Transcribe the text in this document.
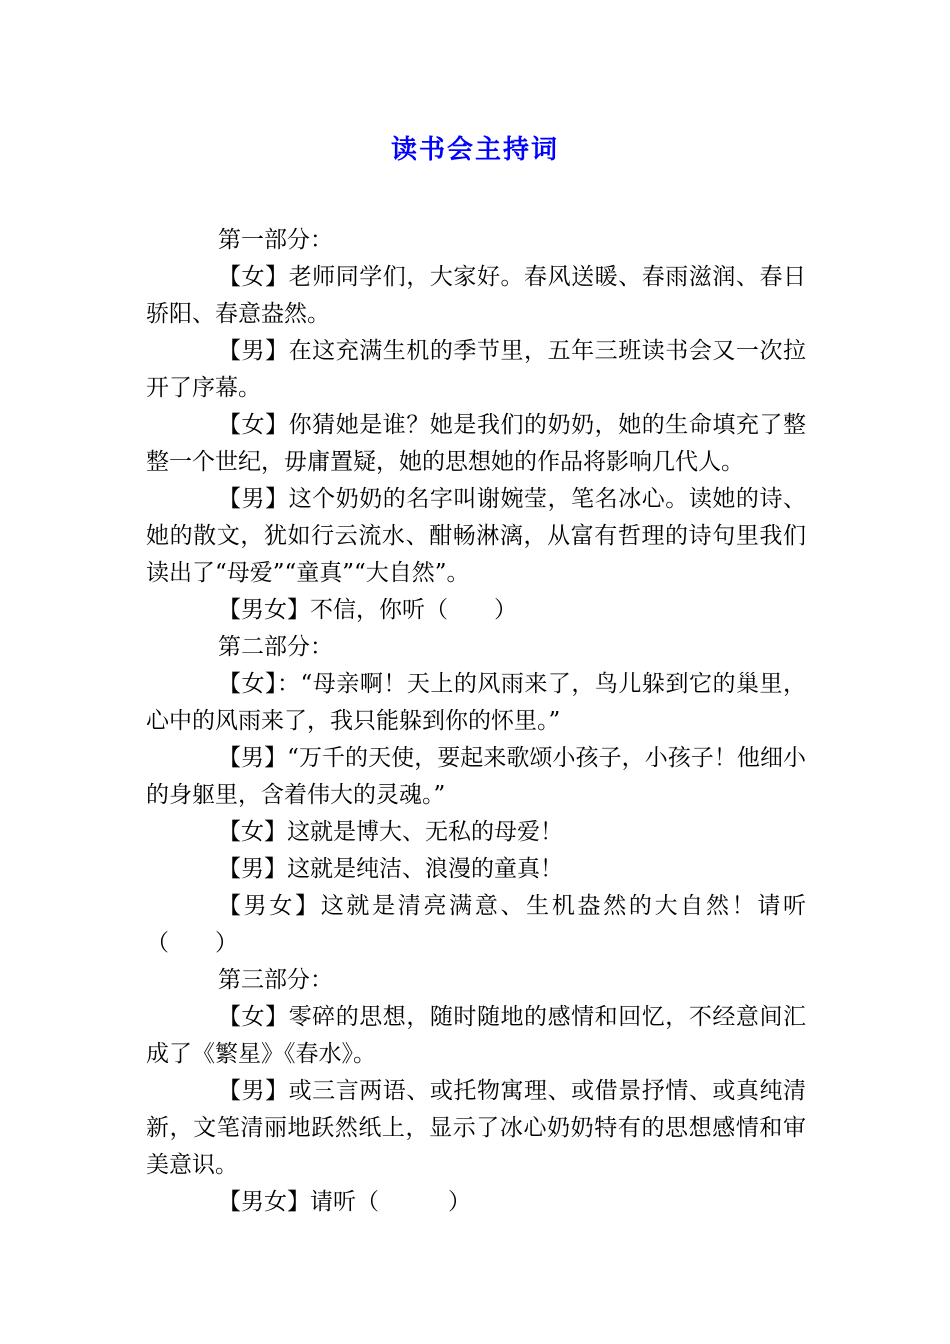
读书会主持词

第一部分：

【女】老师同学们，大家好。春风送暖、春雨滋润、春日骄阳、春意盎然。

【男】在这充满生机的季节里，五年三班读书会又一次拉开了序幕。

【女】你猜她是谁？她是我们的奶奶，她的生命填充了整整一个世纪，毋庸置疑，她的思想她的作品将影响几代人。

【男】这个奶奶的名字叫谢婉莹，笔名冰心。读她的诗、她的散文，犹如行云流水、酣畅淋漓，从富有哲理的诗句里我们读出了“母爱”“童真”“大自然”。

【男女】不信，你听（　　）

第二部分：

【女】：“母亲啊！天上的风雨来了，鸟儿躲到它的巢里，心中的风雨来了，我只能躲到你的怀里。”

【男】“万千的天使，要起来歌颂小孩子，小孩子！他细小的身躯里，含着伟大的灵魂。”

【女】这就是博大、无私的母爱！

【男】这就是纯洁、浪漫的童真！

【男女】这就是清亮满意、生机盎然的大自然！请听（　　）

第三部分：

【女】零碎的思想，随时随地的感情和回忆，不经意间汇成了《繁星》《春水》。

【男】或三言两语、或托物寓理、或借景抒情、或真纯清新，文笔清丽地跃然纸上，显示了冰心奶奶特有的思想感情和审美意识。

【男女】请听（　　　）
